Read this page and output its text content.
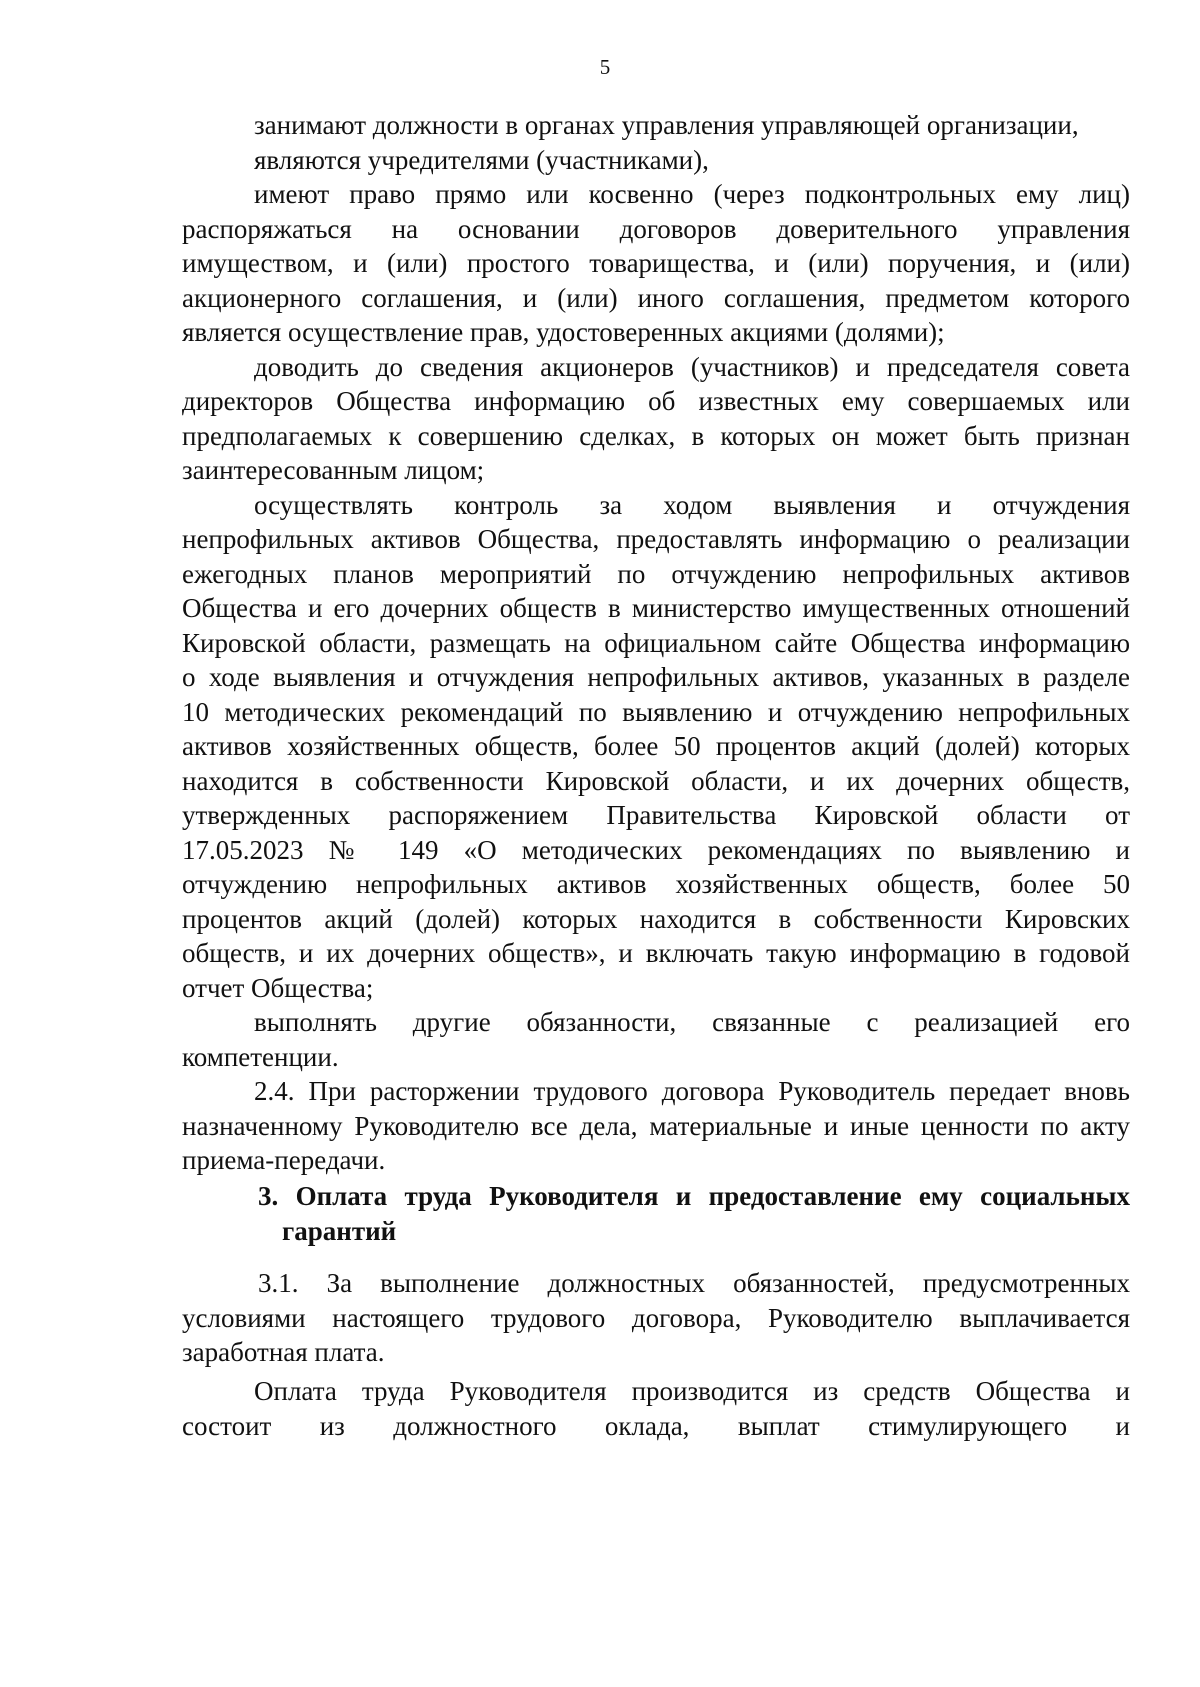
5
занимают должности в органах управления управляющей организации,
являются учредителями (участниками),
имеют право прямо или косвенно (через подконтрольных ему лиц)
распоряжаться на основании договоров доверительного управления
имуществом, и (или) простого товарищества, и (или) поручения, и (или)
акционерного соглашения, и (или) иного соглашения, предметом которого
является осуществление прав, удостоверенных акциями (долями);
доводить до сведения акционеров (участников) и председателя совета
директоров Общества информацию об известных ему совершаемых или
предполагаемых к совершению сделках, в которых он может быть признан
заинтересованным лицом;
осуществлять контроль за ходом выявления и отчуждения
непрофильных активов Общества, предоставлять информацию о реализации
ежегодных планов мероприятий по отчуждению непрофильных активов
Общества и его дочерних обществ в министерство имущественных отношений
Кировской области, размещать на официальном сайте Общества информацию
о ходе выявления и отчуждения непрофильных активов, указанных в разделе
10 методических рекомендаций по выявлению и отчуждению непрофильных
активов хозяйственных обществ, более 50 процентов акций (долей) которых
находится в собственности Кировской области, и их дочерних обществ,
утвержденных распоряжением Правительства Кировской области от
17.05.2023 № 149 «О методических рекомендациях по выявлению и
отчуждению непрофильных активов хозяйственных обществ, более 50
процентов акций (долей) которых находится в собственности Кировских
обществ, и их дочерних обществ», и включать такую информацию в годовой
отчет Общества;
выполнять другие обязанности, связанные с реализацией его
компетенции.
2.4. При расторжении трудового договора Руководитель передает вновь
назначенному Руководителю все дела, материальные и иные ценности по акту
приема-передачи.
3. Оплата труда Руководителя и предоставление ему социальных
гарантий
3.1. За выполнение должностных обязанностей, предусмотренных
условиями настоящего трудового договора, Руководителю выплачивается
заработная плата.
Оплата труда Руководителя производится из средств Общества и
состоит из должностного оклада, выплат стимулирующего и
